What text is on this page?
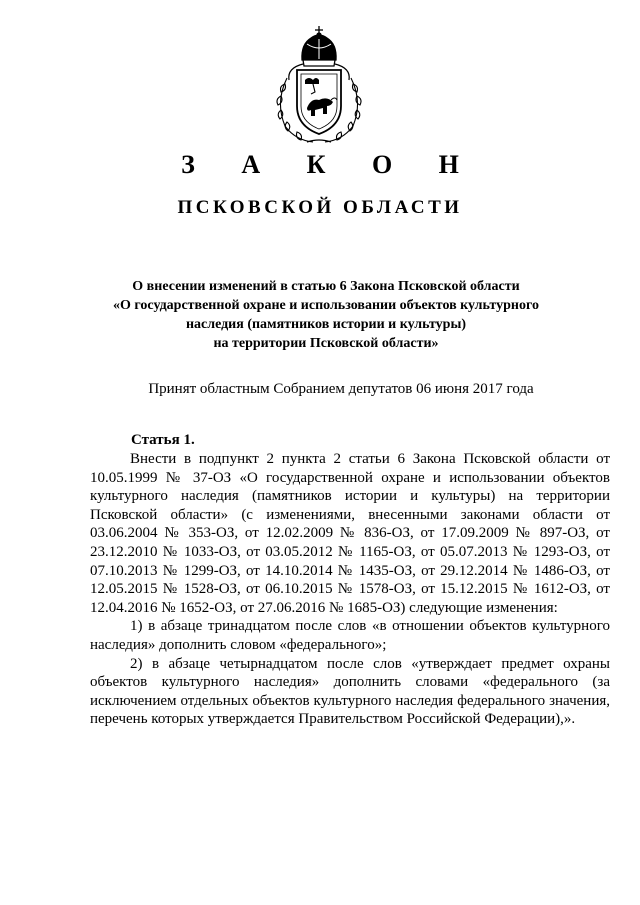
З А К О Н
ПСКОВСКОЙ ОБЛАСТИ
О внесении изменений в статью 6 Закона Псковской области
«О государственной охране и использовании объектов культурного
наследия (памятников истории и культуры)
на территории Псковской области»
Принят областным Собранием депутатов 06 июня 2017 года
Статья 1.

Внести в подпункт 2 пункта 2 статьи 6 Закона Псковской области от 10.05.1999 № 37-ОЗ «О государственной охране и использовании объектов культурного наследия (памятников истории и культуры) на территории Псковской области» (с изменениями, внесенными законами области от 03.06.2004 № 353-ОЗ, от 12.02.2009 № 836-ОЗ, от 17.09.2009 № 897-ОЗ, от 23.12.2010 № 1033-ОЗ, от 03.05.2012 № 1165-ОЗ, от 05.07.2013 № 1293-ОЗ, от 07.10.2013 № 1299-ОЗ, от 14.10.2014 № 1435-ОЗ, от 29.12.2014 № 1486-ОЗ, от 12.05.2015 № 1528-ОЗ, от 06.10.2015 № 1578-ОЗ, от 15.12.2015 № 1612-ОЗ, от 12.04.2016 № 1652-ОЗ, от 27.06.2016 № 1685-ОЗ) следующие изменения:

1) в абзаце тринадцатом после слов «в отношении объектов культурного наследия» дополнить словом «федерального»;

2) в абзаце четырнадцатом после слов «утверждает предмет охраны объектов культурного наследия» дополнить словами «федерального (за исключением отдельных объектов культурного наследия федерального значения, перечень которых утверждается Правительством Российской Федерации),».
